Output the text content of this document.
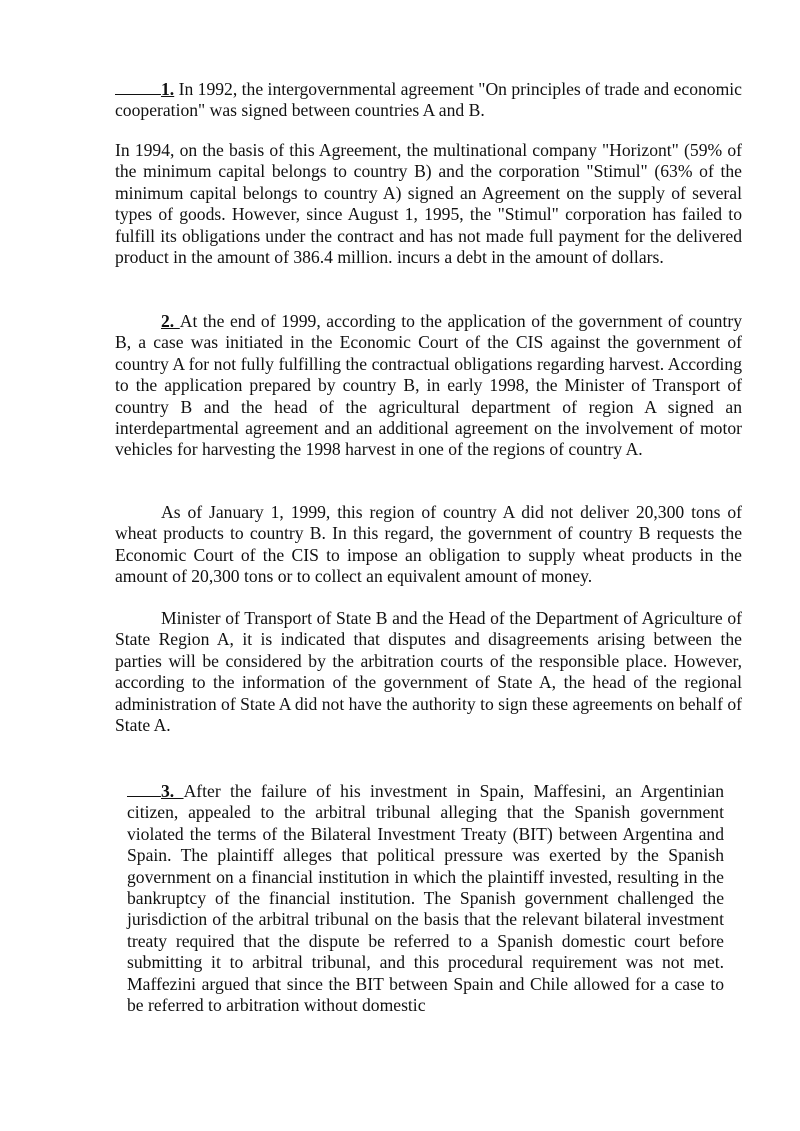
1. In 1992, the intergovernmental agreement "On principles of trade and economic cooperation" was signed between countries A and B.

In 1994, on the basis of this Agreement, the multinational company "Horizont" (59% of the minimum capital belongs to country B) and the corporation "Stimul" (63% of the minimum capital belongs to country A) signed an Agreement on the supply of several types of goods. However, since August 1, 1995, the "Stimul" corporation has failed to fulfill its obligations under the contract and has not made full payment for the delivered product in the amount of 386.4 million. incurs a debt in the amount of dollars.

2. At the end of 1999, according to the application of the government of country B, a case was initiated in the Economic Court of the CIS against the government of country A for not fully fulfilling the contractual obligations regarding harvest. According to the application prepared by country B, in early 1998, the Minister of Transport of country B and the head of the agricultural department of region A signed an interdepartmental agreement and an additional agreement on the involvement of motor vehicles for harvesting the 1998 harvest in one of the regions of country A.

As of January 1, 1999, this region of country A did not deliver 20,300 tons of wheat products to country B. In this regard, the government of country B requests the Economic Court of the CIS to impose an obligation to supply wheat products in the amount of 20,300 tons or to collect an equivalent amount of money.

Minister of Transport of State B and the Head of the Department of Agriculture of State Region A, it is indicated that disputes and disagreements arising between the parties will be considered by the arbitration courts of the responsible place. However, according to the information of the government of State A, the head of the regional administration of State A did not have the authority to sign these agreements on behalf of State A.

3. After the failure of his investment in Spain, Maffesini, an Argentinian citizen, appealed to the arbitral tribunal alleging that the Spanish government violated the terms of the Bilateral Investment Treaty (BIT) between Argentina and Spain. The plaintiff alleges that political pressure was exerted by the Spanish government on a financial institution in which the plaintiff invested, resulting in the bankruptcy of the financial institution. The Spanish government challenged the jurisdiction of the arbitral tribunal on the basis that the relevant bilateral investment treaty required that the dispute be referred to a Spanish domestic court before submitting it to arbitral tribunal, and this procedural requirement was not met. Maffezini argued that since the BIT between Spain and Chile allowed for a case to be referred to arbitration without domestic
